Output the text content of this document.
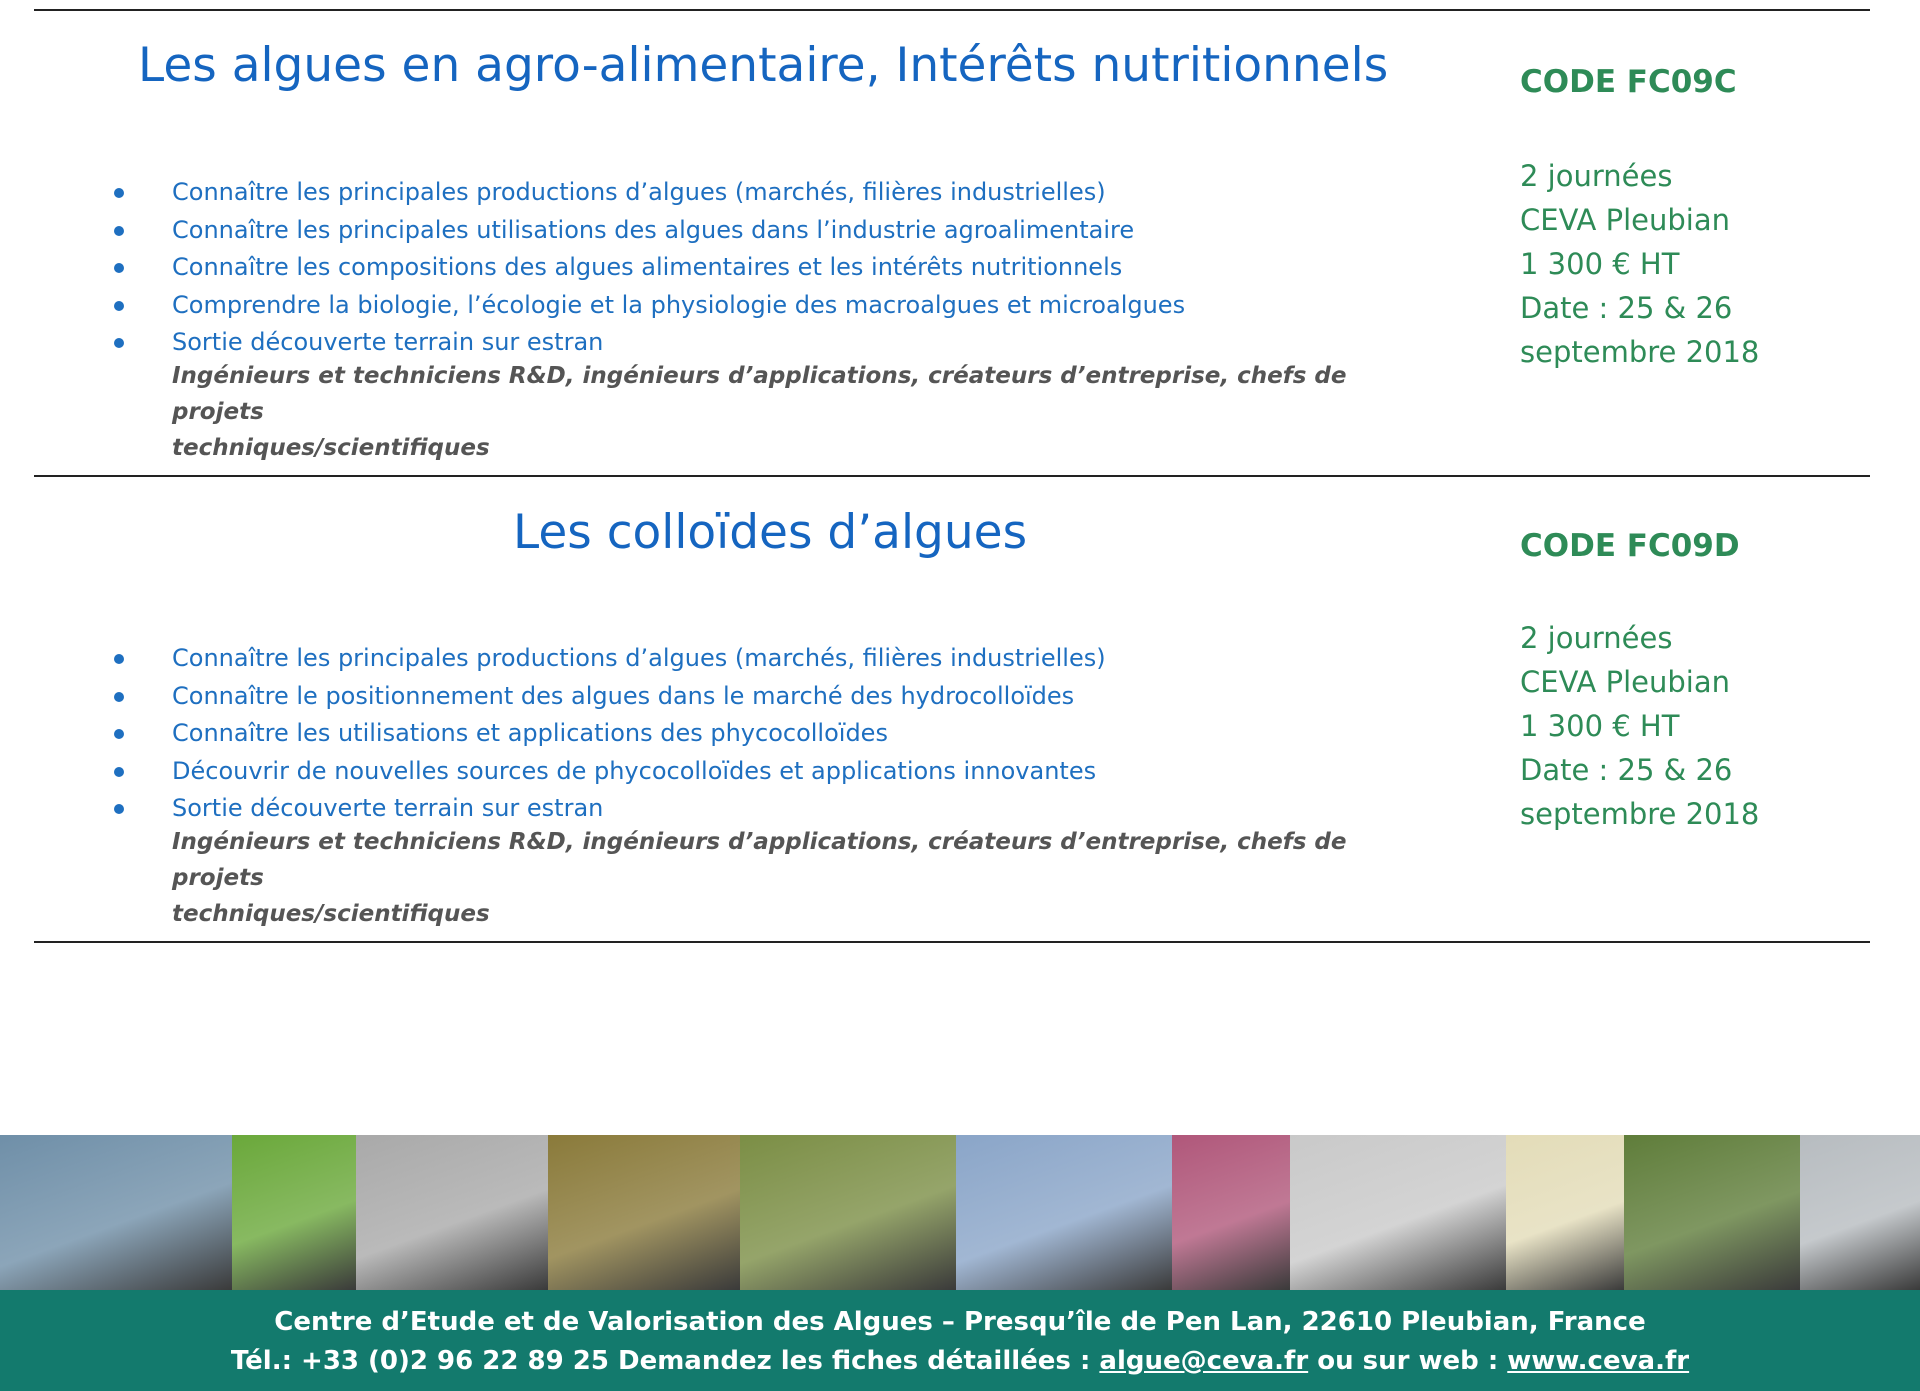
Les algues en agro-alimentaire, Intérêts nutritionnels
Connaître les principales productions d’algues (marchés, filières industrielles)
Connaître les principales utilisations des algues dans l’industrie agroalimentaire
Connaître les compositions des algues alimentaires et les intérêts nutritionnels
Comprendre la biologie, l’écologie et la physiologie des macroalgues et microalgues
Sortie découverte terrain sur estran

Ingénieurs et techniciens R&D, ingénieurs d’applications, créateurs d’entreprise, chefs de projets
techniques/scientifiques

CODE FC09C
2 journées
CEVA Pleubian
1 300 € HT
Date : 25 & 26
septembre 2018
Les colloïdes d’algues
Connaître les principales productions d’algues (marchés, filières industrielles)
Connaître le positionnement des algues dans le marché des hydrocolloïdes
Connaître les utilisations et applications des phycocolloïdes
Découvrir de nouvelles sources de phycocolloïdes et applications innovantes
Sortie découverte terrain sur estran

Ingénieurs et techniciens R&D, ingénieurs d’applications, créateurs d’entreprise, chefs de projets
techniques/scientifiques

CODE FC09D
2 journées
CEVA Pleubian
1 300 € HT
Date : 25 & 26
septembre 2018
Centre d’Etude et de Valorisation des Algues – Presqu’île de Pen Lan, 22610 Pleubian, France
Tél.: +33 (0)2 96 22 89 25 Demandez les fiches détaillées : algue@ceva.fr ou sur web : www.ceva.fr
